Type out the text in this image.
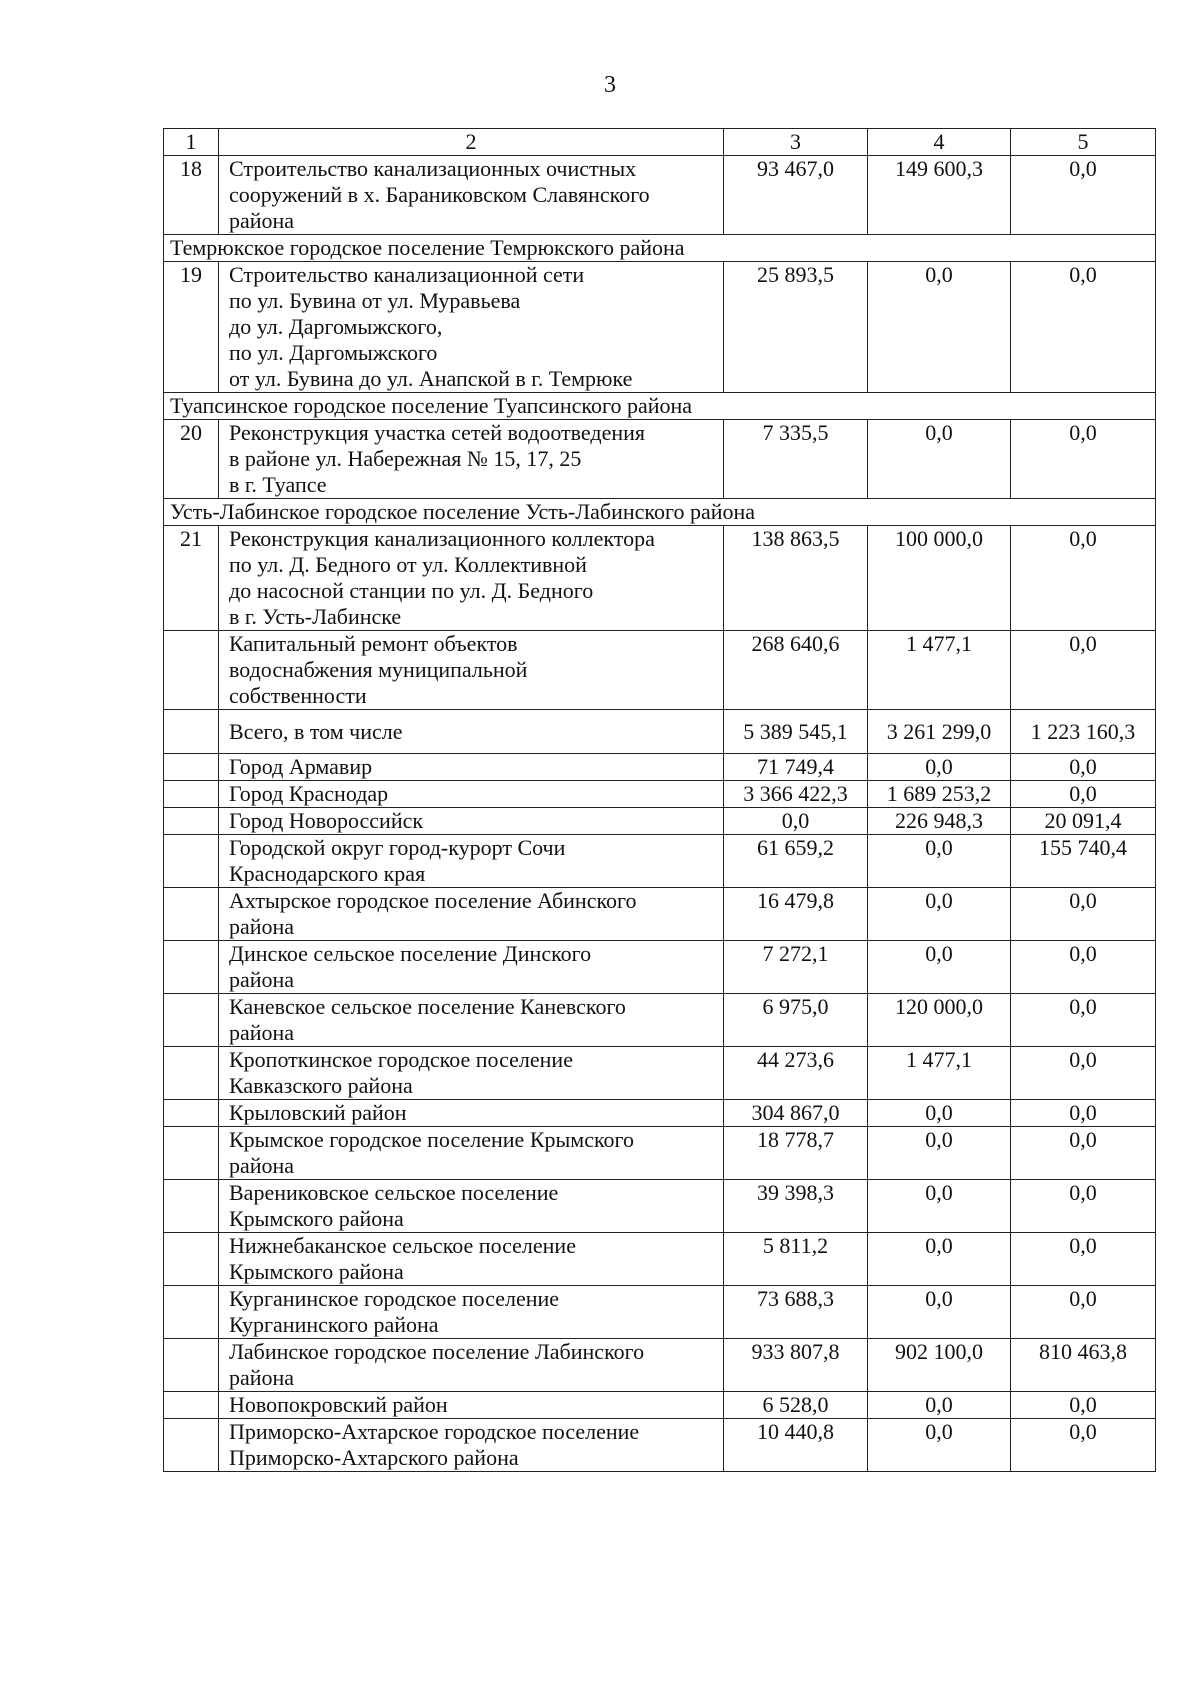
3
1	2	3	4	5
18	Строительство канализационных очистных
сооружений в х. Бараниковском Славянского
района	93 467,0	149 600,3	0,0
Темрюкское городское поселение Темрюкского района				
19	Строительство канализационной сети
по ул. Бувина от ул. Муравьева
до ул. Даргомыжского,
по ул. Даргомыжского
от ул. Бувина до ул. Анапской в г. Темрюке	25 893,5	0,0	0,0
Туапсинское городское поселение Туапсинского района				
20	Реконструкция участка сетей водоотведения
в районе ул. Набережная № 15, 17, 25
в г. Туапсе	7 335,5	0,0	0,0
Усть-Лабинское городское поселение Усть-Лабинского района				
21	Реконструкция канализационного коллектора
по ул. Д. Бедного от ул. Коллективной
до насосной станции по ул. Д. Бедного
в г. Усть-Лабинске	138 863,5	100 000,0	0,0

	Капитальный ремонт объектов
водоснабжения муниципальной
собственности	268 640,6	1 477,1	0,0
	Всего, в том числе	5 389 545,1	3 261 299,0	1 223 160,3

	Город Армавир	71 749,4	0,0	0,0

	Город Краснодар	3 366 422,3	1 689 253,2	0,0

	Город Новороссийск	0,0	226 948,3	20 091,4

	Городской округ город-курорт Сочи
Краснодарского края	61 659,2	0,0	155 740,4

	Ахтырское городское поселение Абинского
района	16 479,8	0,0	0,0

	Динское сельское поселение Динского
района	7 272,1	0,0	0,0

	Каневское сельское поселение Каневского
района	6 975,0	120 000,0	0,0

	Кропоткинское городское поселение
Кавказского района	44 273,6	1 477,1	0,0

	Крыловский район	304 867,0	0,0	0,0

	Крымское городское поселение Крымского
района	18 778,7	0,0	0,0

	Варениковское сельское поселение
Крымского района	39 398,3	0,0	0,0

	Нижнебаканское сельское поселение
Крымского района	5 811,2	0,0	0,0

	Курганинское городское поселение
Курганинского района	73 688,3	0,0	0,0

	Лабинское городское поселение Лабинского
района	933 807,8	902 100,0	810 463,8

	Новопокровский район	6 528,0	0,0	0,0

	Приморско-Ахтарское городское поселение
Приморско-Ахтарского района	10 440,8	0,0	0,0
